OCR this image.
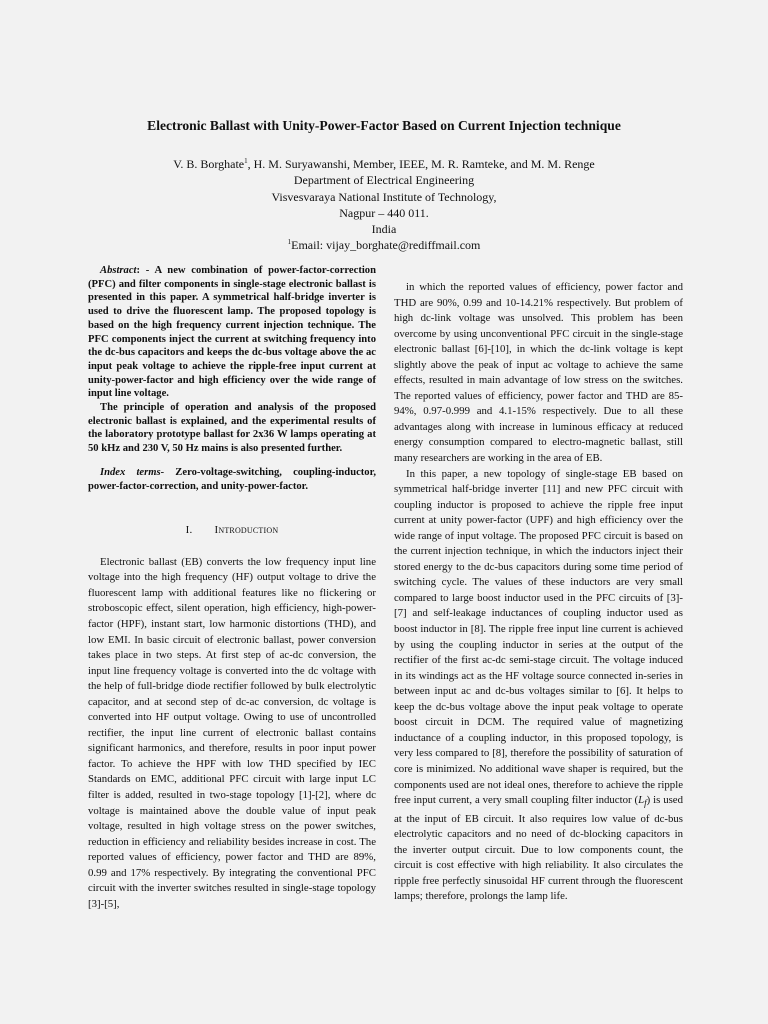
Electronic Ballast with Unity-Power-Factor Based on Current Injection technique
V. B. Borghate$^1$, H. M. Suryawanshi, Member, IEEE, M. R. Ramteke, and M. M. Renge
Department of Electrical Engineering
Visvesvaraya National Institute of Technology,
Nagpur – 440 011.
India
$^1$Email: vijay_borghate@rediffmail.com

Abstract: - A new combination of power-factor-correction (PFC) and filter components in single-stage electronic ballast is presented in this paper. A symmetrical half-bridge inverter is used to drive the fluorescent lamp. The proposed topology is based on the high frequency current injection technique. The PFC components inject the current at switching frequency into the dc-bus capacitors and keeps the dc-bus voltage above the ac input peak voltage to achieve the ripple-free input current at unity-power-factor and high efficiency over the wide range of input line voltage.

The principle of operation and analysis of the proposed electronic ballast is explained, and the experimental results of the laboratory prototype ballast for 2x36 W lamps operating at 50 kHz and 230 V, 50 Hz mains is also presented further.

Index terms- Zero-voltage-switching, coupling-inductor, power-factor-correction, and unity-power-factor.

I. Introduction

Electronic ballast (EB) converts the low frequency input line voltage into the high frequency (HF) output voltage to drive the fluorescent lamp with additional features like no flickering or stroboscopic effect, silent operation, high efficiency, high-power-factor (HPF), instant start, low harmonic distortions (THD), and low EMI. In basic circuit of electronic ballast, power conversion takes place in two steps. At first step of ac-dc conversion, the input line frequency voltage is converted into the dc voltage with the help of full-bridge diode rectifier followed by bulk electrolytic capacitor, and at second step of dc-ac conversion, dc voltage is converted into HF output voltage. Owing to use of uncontrolled rectifier, the input line current of electronic ballast contains significant harmonics, and therefore, results in poor input power factor. To achieve the HPF with low THD specified by IEC Standards on EMC, additional PFC circuit with large input LC filter is added, resulted in two-stage topology [1]-[2], where dc voltage is maintained above the double value of input peak voltage, resulted in high voltage stress on the power switches, reduction in efficiency and reliability besides increase in cost. The reported values of efficiency, power factor and THD are 89%, 0.99 and 17% respectively. By integrating the conventional PFC circuit with the inverter switches resulted in single-stage topology [3]-[5],

in which the reported values of efficiency, power factor and THD are 90%, 0.99 and 10-14.21% respectively. But problem of high dc-link voltage was unsolved. This problem has been overcome by using unconventional PFC circuit in the single-stage electronic ballast [6]-[10], in which the dc-link voltage is kept slightly above the peak of input ac voltage to achieve the same effects, resulted in main advantage of low stress on the switches. The reported values of efficiency, power factor and THD are 85-94%, 0.97-0.999 and 4.1-15% respectively. Due to all these advantages along with increase in luminous efficacy at reduced energy consumption compared to electro-magnetic ballast, still many researchers are working in the area of EB.

In this paper, a new topology of single-stage EB based on symmetrical half-bridge inverter [11] and new PFC circuit with coupling inductor is proposed to achieve the ripple free input current at unity power-factor (UPF) and high efficiency over the wide range of input voltage. The proposed PFC circuit is based on the current injection technique, in which the inductors inject their stored energy to the dc-bus capacitors during some time period of switching cycle. The values of these inductors are very small compared to large boost inductor used in the PFC circuits of [3]- [7] and self-leakage inductances of coupling inductor used as boost inductor in [8]. The ripple free input line current is achieved by using the coupling inductor in series at the output of the rectifier of the first ac-dc semi-stage circuit. The voltage induced in its windings act as the HF voltage source connected in-series in between input ac and dc-bus voltages similar to [6]. It helps to keep the dc-bus voltage above the input peak voltage to operate boost circuit in DCM. The required value of magnetizing inductance of a coupling inductor, in this proposed topology, is very less compared to [8], therefore the possibility of saturation of core is minimized. No additional wave shaper is required, but the components used are not ideal ones, therefore to achieve the ripple free input current, a very small coupling filter inductor $(L_f)$ is used at the input of EB circuit. It also requires low value of dc-bus electrolytic capacitors and no need of dc-blocking capacitors in the inverter output circuit. Due to low components count, the circuit is cost effective with high reliability. It also circulates the ripple free perfectly sinusoidal HF current through the fluorescent lamps; therefore, prolongs the lamp life.
